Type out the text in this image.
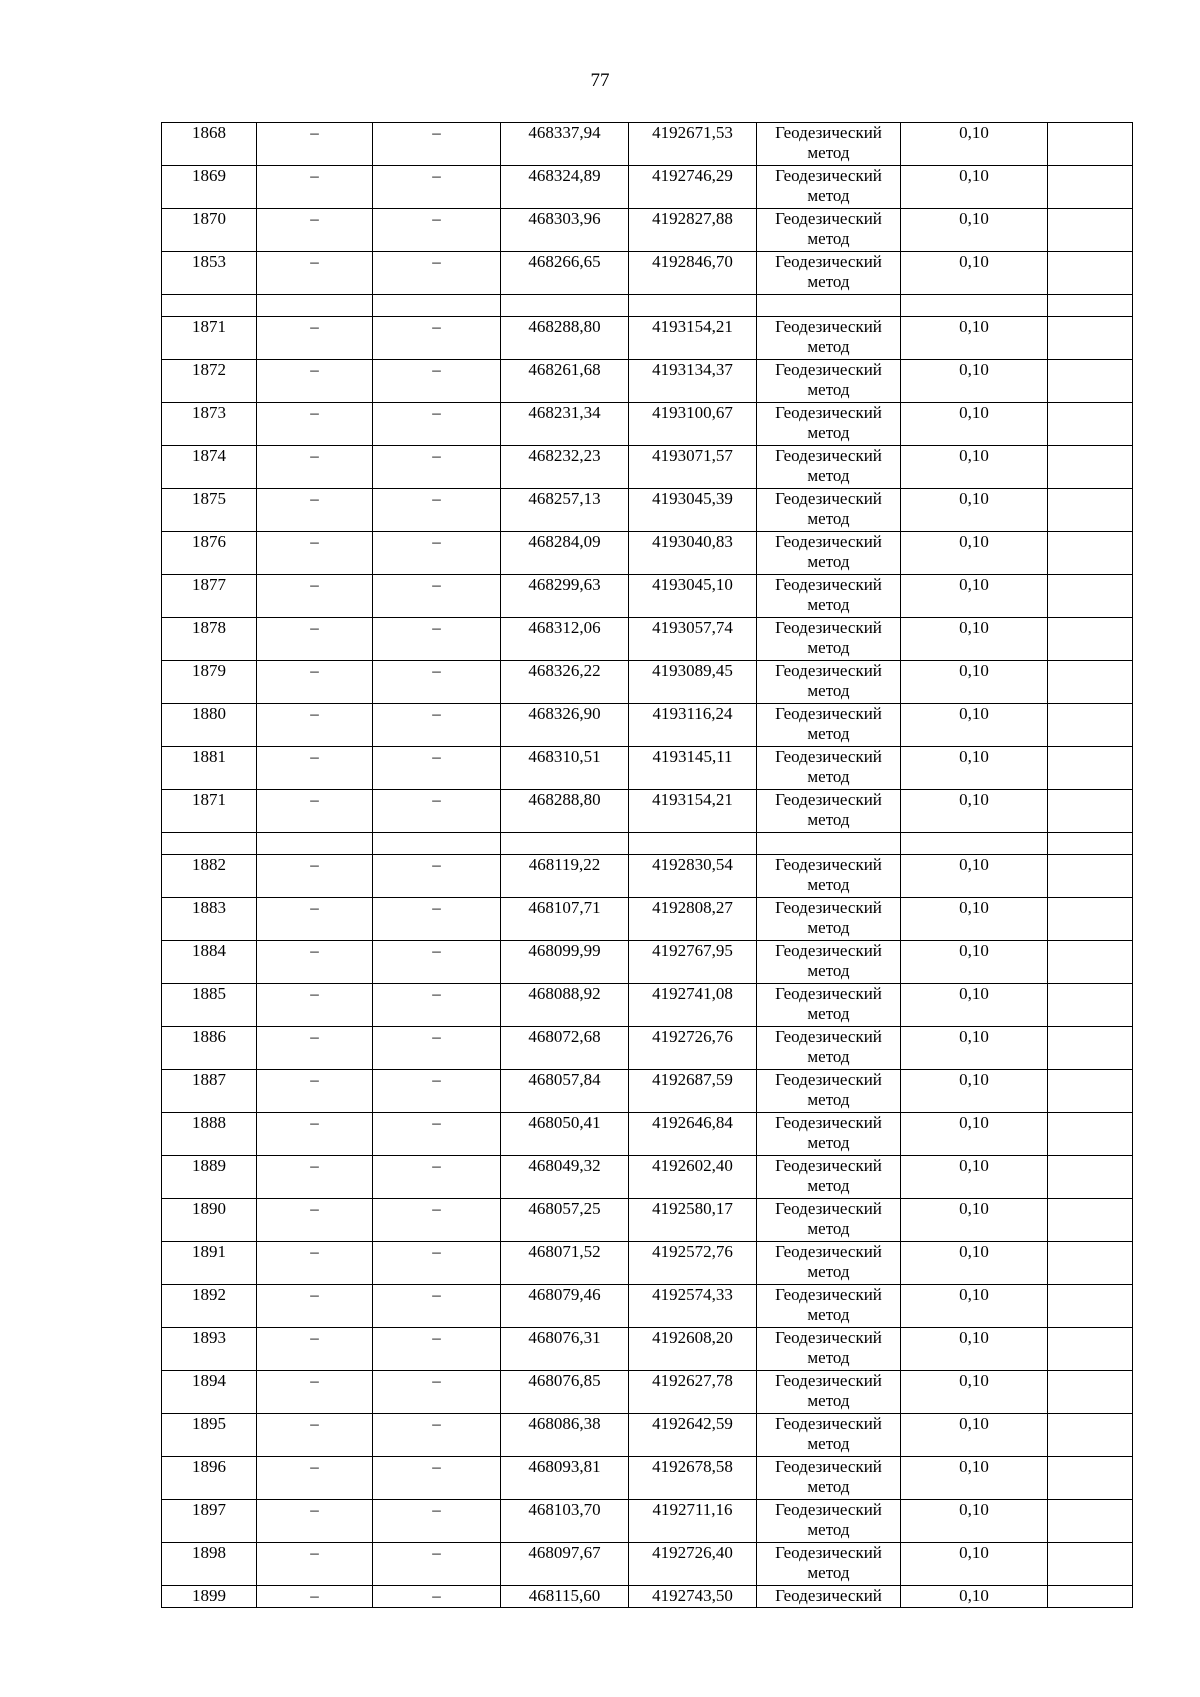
77
1868	–	–	468337,94	4192671,53	Геодезический метод	0,10	
1869	–	–	468324,89	4192746,29	Геодезический метод	0,10	
1870	–	–	468303,96	4192827,88	Геодезический метод	0,10	
1853	–	–	468266,65	4192846,70	Геодезический метод	0,10	

1871	–	–	468288,80	4193154,21	Геодезический метод	0,10	
1872	–	–	468261,68	4193134,37	Геодезический метод	0,10	
1873	–	–	468231,34	4193100,67	Геодезический метод	0,10	
1874	–	–	468232,23	4193071,57	Геодезический метод	0,10	
1875	–	–	468257,13	4193045,39	Геодезический метод	0,10	
1876	–	–	468284,09	4193040,83	Геодезический метод	0,10	
1877	–	–	468299,63	4193045,10	Геодезический метод	0,10	
1878	–	–	468312,06	4193057,74	Геодезический метод	0,10	
1879	–	–	468326,22	4193089,45	Геодезический метод	0,10	
1880	–	–	468326,90	4193116,24	Геодезический метод	0,10	
1881	–	–	468310,51	4193145,11	Геодезический метод	0,10	
1871	–	–	468288,80	4193154,21	Геодезический метод	0,10	

1882	–	–	468119,22	4192830,54	Геодезический метод	0,10	
1883	–	–	468107,71	4192808,27	Геодезический метод	0,10	
1884	–	–	468099,99	4192767,95	Геодезический метод	0,10	
1885	–	–	468088,92	4192741,08	Геодезический метод	0,10	
1886	–	–	468072,68	4192726,76	Геодезический метод	0,10	
1887	–	–	468057,84	4192687,59	Геодезический метод	0,10	
1888	–	–	468050,41	4192646,84	Геодезический метод	0,10	
1889	–	–	468049,32	4192602,40	Геодезический метод	0,10	
1890	–	–	468057,25	4192580,17	Геодезический метод	0,10	
1891	–	–	468071,52	4192572,76	Геодезический метод	0,10	
1892	–	–	468079,46	4192574,33	Геодезический метод	0,10	
1893	–	–	468076,31	4192608,20	Геодезический метод	0,10	
1894	–	–	468076,85	4192627,78	Геодезический метод	0,10	
1895	–	–	468086,38	4192642,59	Геодезический метод	0,10	
1896	–	–	468093,81	4192678,58	Геодезический метод	0,10	
1897	–	–	468103,70	4192711,16	Геодезический метод	0,10	
1898	–	–	468097,67	4192726,40	Геодезический метод	0,10	
1899	–	–	468115,60	4192743,50	Геодезический	0,10	
